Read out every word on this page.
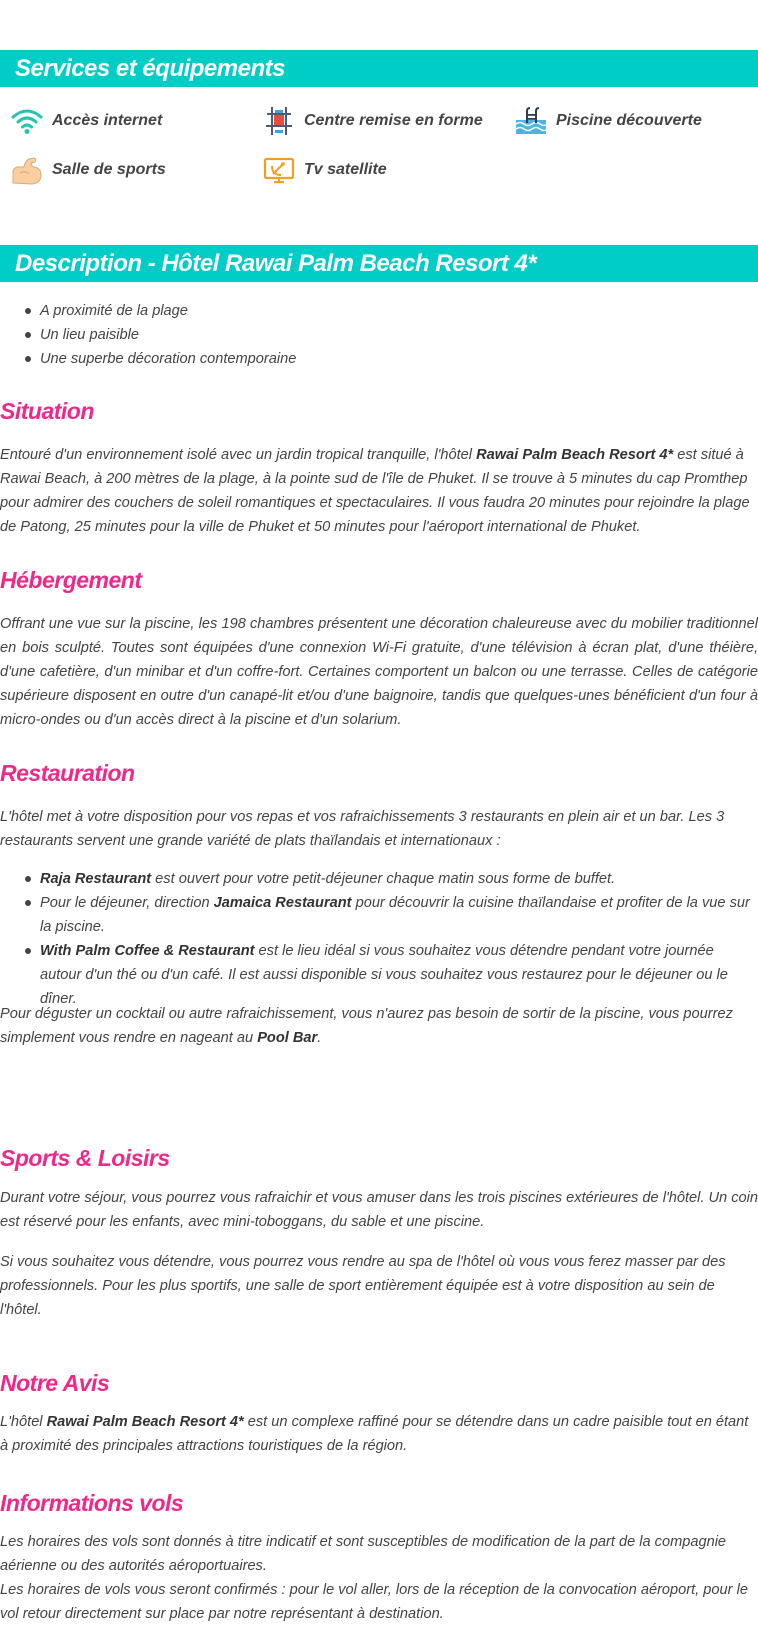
Services et équipements
Accès internet	Centre remise en forme	Piscine découverte
Salle de sports	Tv satellite
Description - Hôtel Rawai Palm Beach Resort 4*
A proximité de la plage
Un lieu paisible
Une superbe décoration contemporaine
Situation

Entouré d'un environnement isolé avec un jardin tropical tranquille, l'hôtel Rawai Palm Beach Resort 4* est situé à Rawai Beach, à 200 mètres de la plage, à la pointe sud de l'île de Phuket. Il se trouve à 5 minutes du cap Promthep pour admirer des couchers de soleil romantiques et spectaculaires. Il vous faudra 20 minutes pour rejoindre la plage de Patong, 25 minutes pour la ville de Phuket et 50 minutes pour l'aéroport international de Phuket.

Hébergement

Offrant une vue sur la piscine, les 198 chambres présentent une décoration chaleureuse avec du mobilier traditionnel en bois sculpté. Toutes sont équipées d'une connexion Wi-Fi gratuite, d'une télévision à écran plat, d'une théière, d'une cafetière, d'un minibar et d'un coffre-fort. Certaines comportent un balcon ou une terrasse. Celles de catégorie supérieure disposent en outre d'un canapé-lit et/ou d'une baignoire, tandis que quelques-unes bénéficient d'un four à micro-ondes ou d'un accès direct à la piscine et d'un solarium.

Restauration

L'hôtel met à votre disposition pour vos repas et vos rafraichissements 3 restaurants en plein air et un bar. Les 3 restaurants servent une grande variété de plats thaïlandais et internationaux :

Raja Restaurant est ouvert pour votre petit-déjeuner chaque matin sous forme de buffet.
Pour le déjeuner, direction Jamaica Restaurant pour découvrir la cuisine thaïlandaise et profiter de la vue sur la piscine.
With Palm Coffee & Restaurant est le lieu idéal si vous souhaitez vous détendre pendant votre journée autour d'un thé ou d'un café. Il est aussi disponible si vous souhaitez vous restaurez pour le déjeuner ou le dîner.

Pour déguster un cocktail ou autre rafraichissement, vous n'aurez pas besoin de sortir de la piscine, vous pourrez simplement vous rendre en nageant au Pool Bar.

Sports & Loisirs

Durant votre séjour, vous pourrez vous rafraichir et vous amuser dans les trois piscines extérieures de l'hôtel. Un coin est réservé pour les enfants, avec mini-toboggans, du sable et une piscine.

Si vous souhaitez vous détendre, vous pourrez vous rendre au spa de l'hôtel où vous vous ferez masser par des professionnels. Pour les plus sportifs, une salle de sport entièrement équipée est à votre disposition au sein de l'hôtel.

Notre Avis

L'hôtel Rawai Palm Beach Resort 4* est un complexe raffiné pour se détendre dans un cadre paisible tout en étant à proximité des principales attractions touristiques de la région.

Informations vols

Les horaires des vols sont donnés à titre indicatif et sont susceptibles de modification de la part de la compagnie aérienne ou des autorités aéroportuaires.

Les horaires de vols vous seront confirmés : pour le vol aller, lors de la réception de la convocation aéroport, pour le vol retour directement sur place par notre représentant à destination.
